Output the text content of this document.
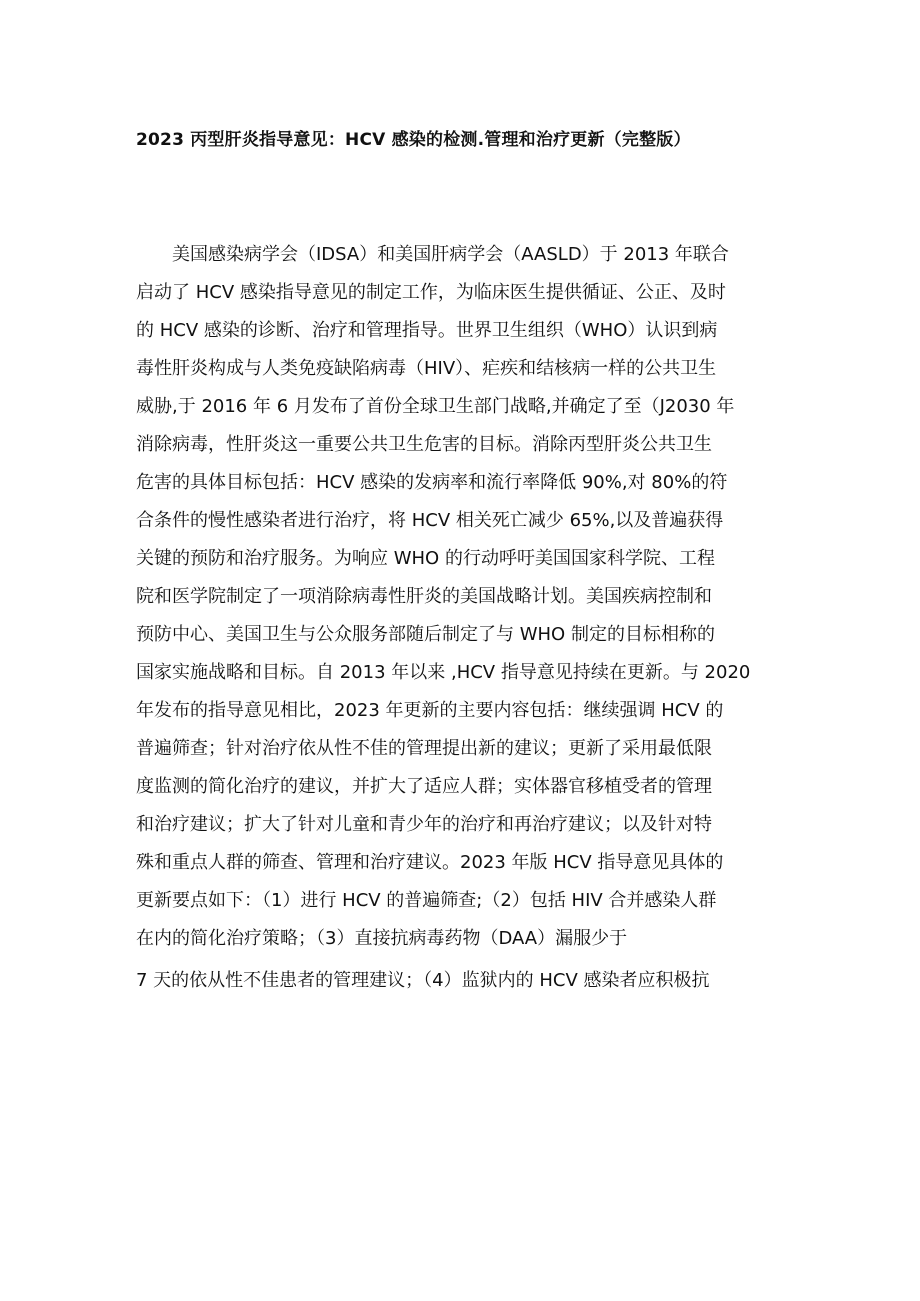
2023 丙型肝炎指导意见：HCV 感染的检测.管理和治疗更新（完整版）
美国感染病学会（IDSA）和美国肝病学会（AASLD）于 2013 年联合
启动了 HCV 感染指导意见的制定工作，为临床医生提供循证、公正、及时
的 HCV 感染的诊断、治疗和管理指导。世界卫生组织（WHO）认识到病
毒性肝炎构成与人类免疫缺陷病毒（HIV）、疟疾和结核病一样的公共卫生
威胁,于 2016 年 6 月发布了首份全球卫生部门战略,并确定了至（J2030 年
消除病毒，性肝炎这一重要公共卫生危害的目标。消除丙型肝炎公共卫生
危害的具体目标包括：HCV 感染的发病率和流行率降低 90%,对 80%的符
合条件的慢性感染者进行治疗，将 HCV 相关死亡减少 65%,以及普遍获得
关键的预防和治疗服务。为响应 WHO 的行动呼吁美国国家科学院、工程
院和医学院制定了一项消除病毒性肝炎的美国战略计划。美国疾病控制和
预防中心、美国卫生与公众服务部随后制定了与 WHO 制定的目标相称的
国家实施战略和目标。自 2013 年以来 ,HCV 指导意见持续在更新。与 2020
年发布的指导意见相比，2023 年更新的主要内容包括：继续强调 HCV 的
普遍筛查；针对治疗依从性不佳的管理提出新的建议；更新了采用最低限
度监测的简化治疗的建议，并扩大了适应人群；实体器官移植受者的管理
和治疗建议；扩大了针对儿童和青少年的治疗和再治疗建议；以及针对特
殊和重点人群的筛查、管理和治疗建议。2023 年版 HCV 指导意见具体的
更新要点如下：（1）进行 HCV 的普遍筛查;（2）包括 HIV 合并感染人群
在内的简化治疗策略；（3）直接抗病毒药物（DAA）漏服少于
7 天的依从性不佳患者的管理建议；（4）监狱内的 HCV 感染者应积极抗
